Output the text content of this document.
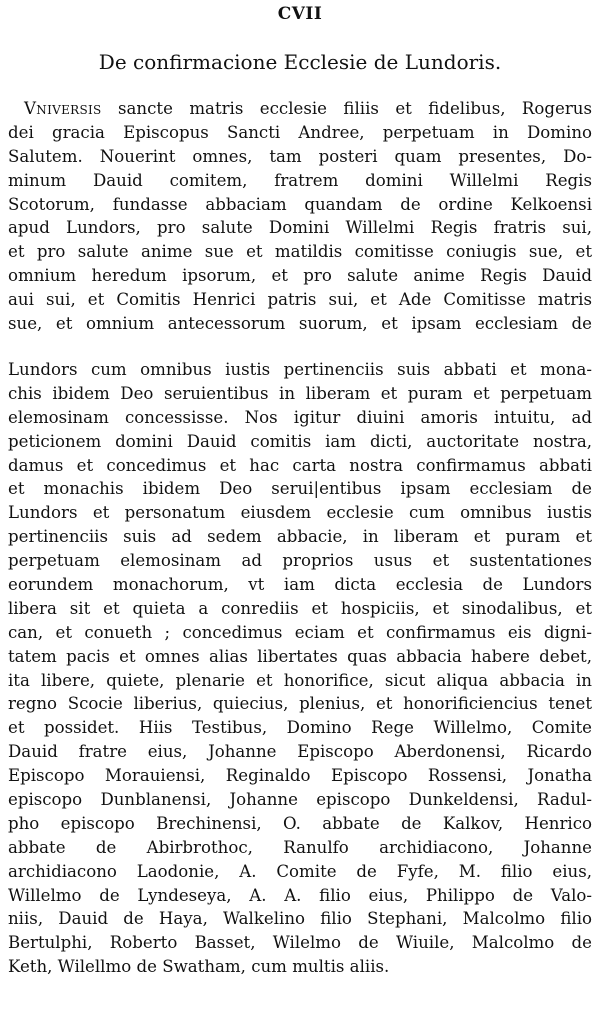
CVII
De confirmacione Ecclesie de Lundoris.
Vniversis sancte matris ecclesie filiis et fidelibus, Rogerus
dei gracia Episcopus Sancti Andree, perpetuam in Domino
Salutem. Nouerint omnes, tam posteri quam presentes, Do-
minum Dauid comitem, fratrem domini Willelmi Regis
Scotorum, fundasse abbaciam quandam de ordine Kelkoensi
apud Lundors, pro salute Domini Willelmi Regis fratris sui,
et pro salute anime sue et matildis comitisse coniugis sue, et
omnium heredum ipsorum, et pro salute anime Regis Dauid
aui sui, et Comitis Henrici patris sui, et Ade Comitisse matris
sue, et omnium antecessorum suorum, et ipsam ecclesiam de
Lundors cum omnibus iustis pertinenciis suis abbati et mona-
chis ibidem Deo seruientibus in liberam et puram et perpetuam
elemosinam concessisse. Nos igitur diuini amoris intuitu, ad
peticionem domini Dauid comitis iam dicti, auctoritate nostra,
damus et concedimus et hac carta nostra confirmamus abbati
et monachis ibidem Deo serui|entibus ipsam ecclesiam de
Lundors et personatum eiusdem ecclesie cum omnibus iustis
pertinenciis suis ad sedem abbacie, in liberam et puram et
perpetuam elemosinam ad proprios usus et sustentationes
eorundem monachorum, vt iam dicta ecclesia de Lundors
libera sit et quieta a conrediis et hospiciis, et sinodalibus, et
can, et conueth ; concedimus eciam et confirmamus eis digni-
tatem pacis et omnes alias libertates quas abbacia habere debet,
ita libere, quiete, plenarie et honorifice, sicut aliqua abbacia in
regno Scocie liberius, quiecius, plenius, et honorificiencius tenet
et possidet. Hiis Testibus, Domino Rege Willelmo, Comite
Dauid fratre eius, Johanne Episcopo Aberdonensi, Ricardo
Episcopo Morauiensi, Reginaldo Episcopo Rossensi, Jonatha
episcopo Dunblanensi, Johanne episcopo Dunkeldensi, Radul-
pho episcopo Brechinensi, O. abbate de Kalkov, Henrico
abbate de Abirbrothoc, Ranulfo archidiacono, Johanne
archidiacono Laodonie, A. Comite de Fyfe, M. filio eius,
Willelmo de Lyndeseya, A. A. filio eius, Philippo de Valo-
niis, Dauid de Haya, Walkelino filio Stephani, Malcolmo filio
Bertulphi, Roberto Basset, Wilelmo de Wiuile, Malcolmo de
Keth, Wilellmo de Swatham, cum multis aliis.
